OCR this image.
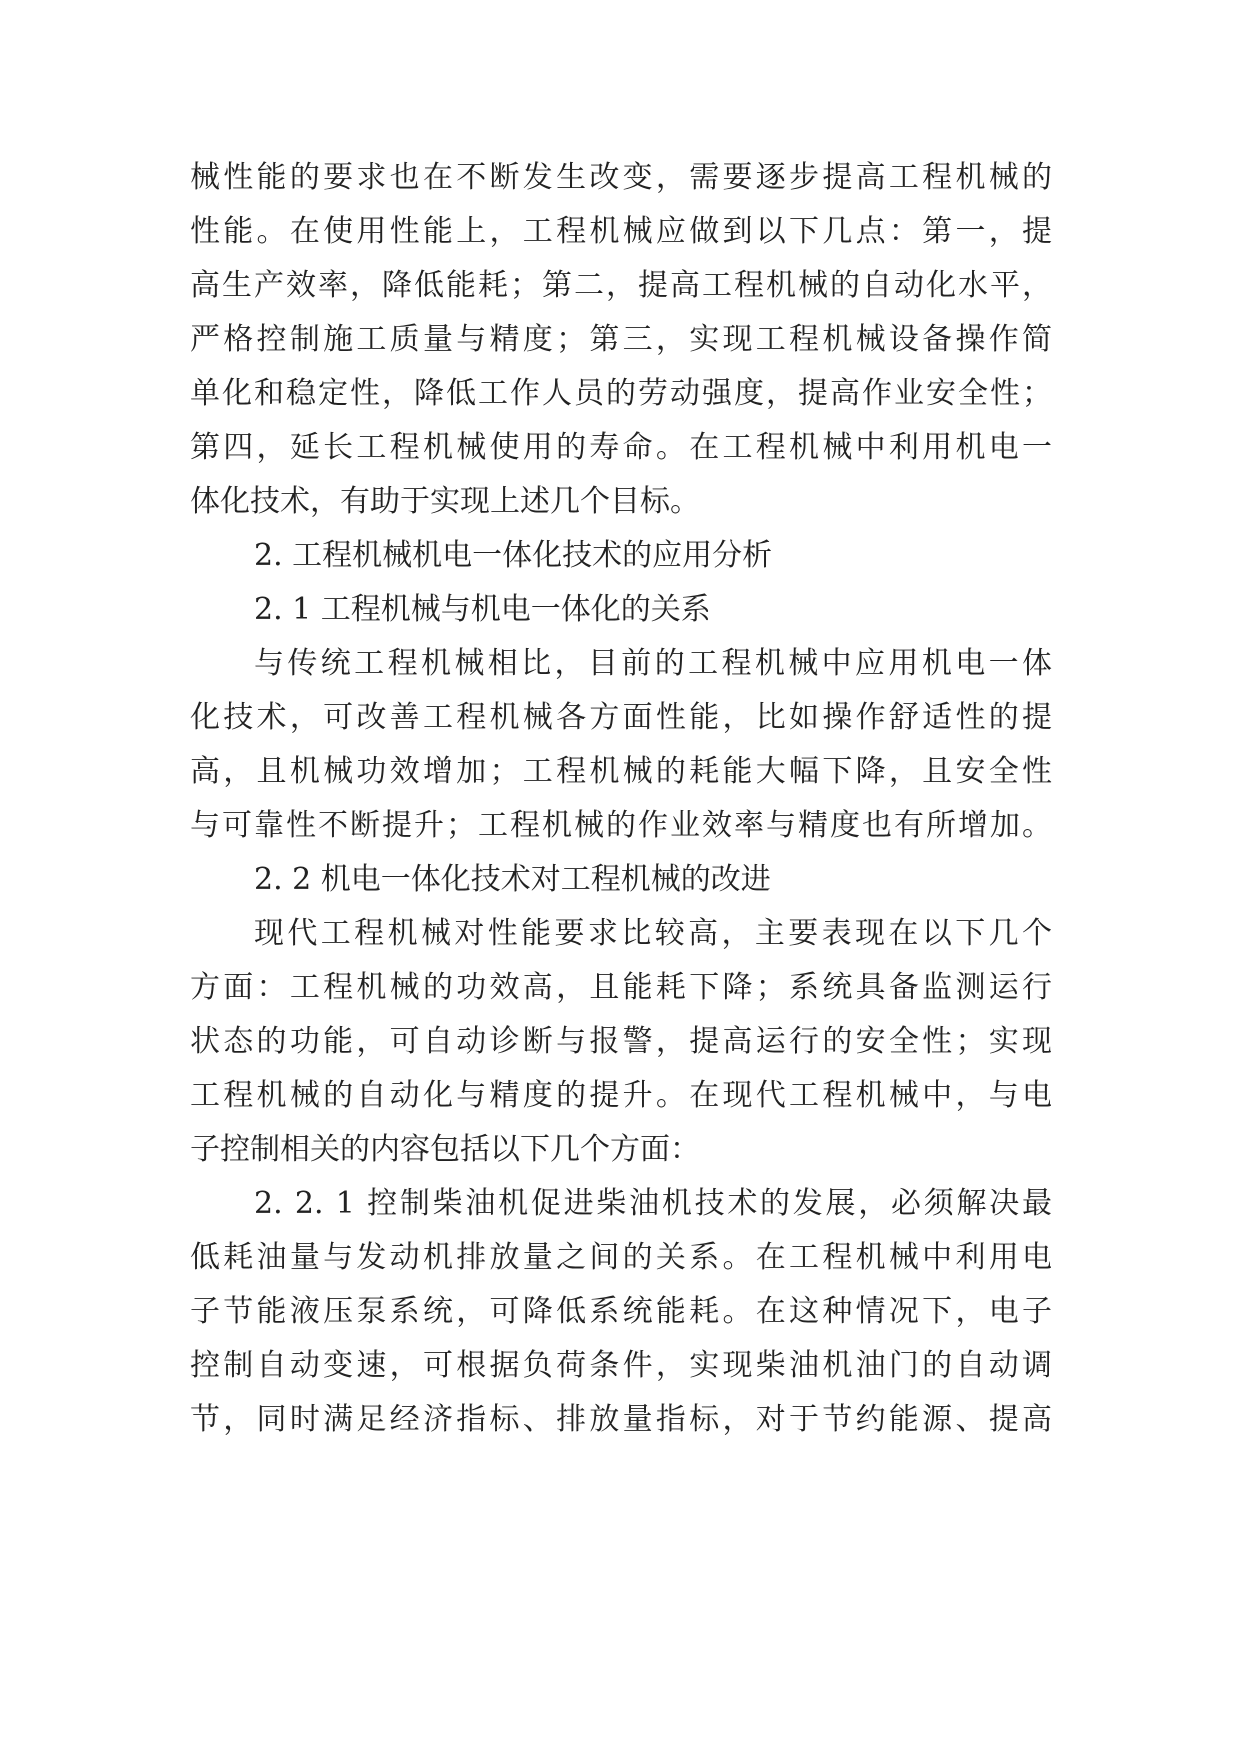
械性能的要求也在不断发生改变，需要逐步提高工程机械的
性能。在使用性能上，工程机械应做到以下几点：第一，提
高生产效率，降低能耗；第二，提高工程机械的自动化水平，
严格控制施工质量与精度；第三，实现工程机械设备操作简
单化和稳定性，降低工作人员的劳动强度，提高作业安全性；
第四，延长工程机械使用的寿命。在工程机械中利用机电一
体化技术，有助于实现上述几个目标。
2. 工程机械机电一体化技术的应用分析
2. 1 工程机械与机电一体化的关系
与传统工程机械相比，目前的工程机械中应用机电一体
化技术，可改善工程机械各方面性能，比如操作舒适性的提
高，且机械功效增加；工程机械的耗能大幅下降，且安全性
与可靠性不断提升；工程机械的作业效率与精度也有所增加。
2. 2 机电一体化技术对工程机械的改进
现代工程机械对性能要求比较高，主要表现在以下几个
方面：工程机械的功效高，且能耗下降；系统具备监测运行
状态的功能，可自动诊断与报警，提高运行的安全性；实现
工程机械的自动化与精度的提升。在现代工程机械中，与电
子控制相关的内容包括以下几个方面：
2. 2. 1 控制柴油机促进柴油机技术的发展，必须解决最
低耗油量与发动机排放量之间的关系。在工程机械中利用电
子节能液压泵系统，可降低系统能耗。在这种情况下，电子
控制自动变速，可根据负荷条件，实现柴油机油门的自动调
节，同时满足经济指标、排放量指标，对于节约能源、提高
